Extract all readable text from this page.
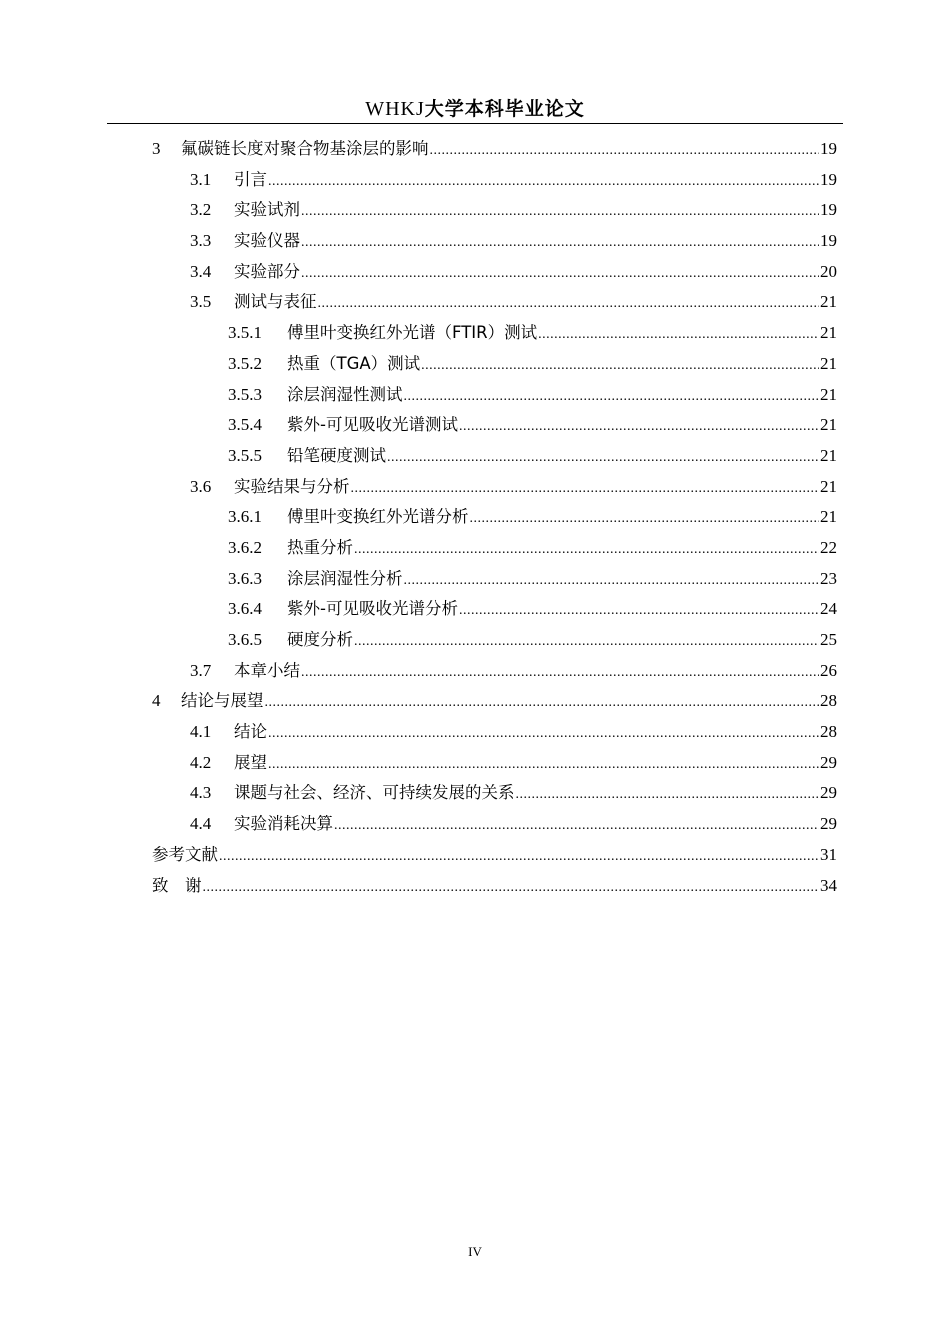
WHKJ大学本科毕业论文
3	氟碳链长度对聚合物基涂层的影响 .....	19
3.1	引言 .....	19
3.2	实验试剂 .....	19
3.3	实验仪器 .....	19
3.4	实验部分 .....	20
3.5	测试与表征 .....	21
3.5.1	傅里叶变换红外光谱（FTIR）测试 .....	21
3.5.2	热重（TGA）测试 .....	21
3.5.3	涂层润湿性测试 .....	21
3.5.4	紫外-可见吸收光谱测试 .....	21
3.5.5	铅笔硬度测试 .....	21
3.6	实验结果与分析 .....	21
3.6.1	傅里叶变换红外光谱分析 .....	21
3.6.2	热重分析 .....	22
3.6.3	涂层润湿性分析 .....	23
3.6.4	紫外-可见吸收光谱分析 .....	24
3.6.5	硬度分析 .....	25
3.7	本章小结 .....	26
4	结论与展望 .....	28
4.1	结论 .....	28
4.2	展望 .....	29
4.3	课题与社会、经济、可持续发展的关系 .....	29
4.4	实验消耗决算 .....	29
参考文献 .....	31
致　谢 .....	34
IV
